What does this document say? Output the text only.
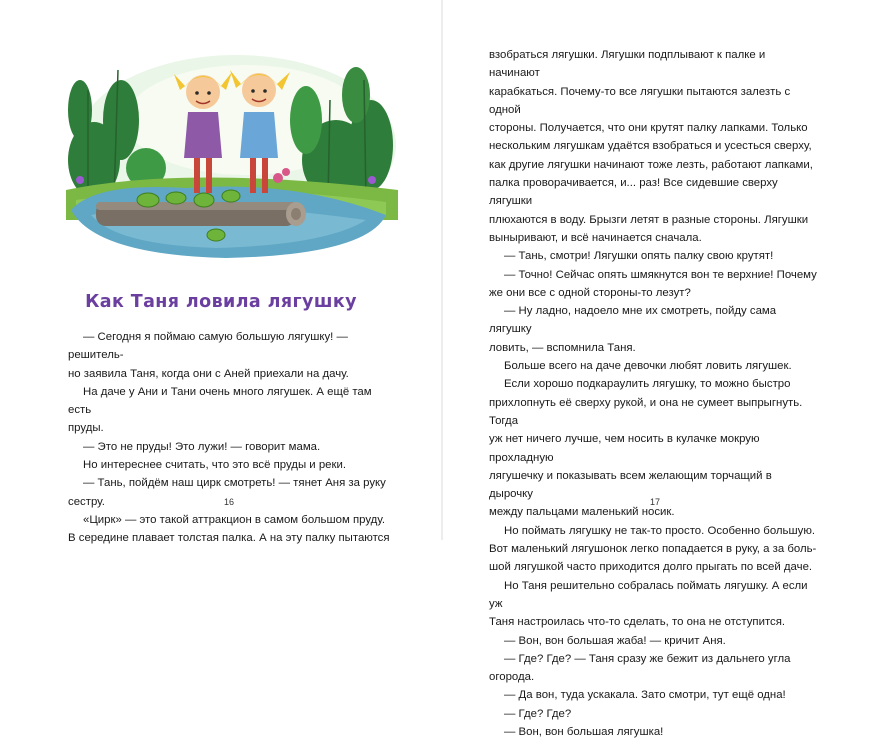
Как Таня ловила лягушку

— Сегодня я поймаю самую большую лягушку! — решитель-

но заявила Таня, когда они с Аней приехали на дачу.

На даче у Ани и Тани очень много лягушек. А ещё там есть

пруды.

— Это не пруды! Это лужи! — говорит мама.

Но интереснее считать, что это всё пруды и реки.

— Тань, пойдём наш цирк смотреть! — тянет Аня за руку

сестру.

«Цирк» — это такой аттракцион в самом большом пруду.

В середине плавает толстая палка. А на эту палку пытаются

16

взобраться лягушки. Лягушки подплывают к палке и начинают

карабкаться. Почему-то все лягушки пытаются залезть с одной

стороны. Получается, что они крутят палку лапками. Только

нескольким лягушкам удаётся взобраться и усесться сверху,

как другие лягушки начинают тоже лезть, работают лапками,

палка проворачивается, и... раз! Все сидевшие сверху лягушки

плюхаются в воду. Брызги летят в разные стороны. Лягушки

выныривают, и всё начинается сначала.

— Тань, смотри! Лягушки опять палку свою крутят!

— Точно! Сейчас опять шмякнутся вон те верхние! Почему

же они все с одной стороны-то лезут?

— Ну ладно, надоело мне их смотреть, пойду сама лягушку

ловить, — вспомнила Таня.

Больше всего на даче девочки любят ловить лягушек.

Если хорошо подкараулить лягушку, то можно быстро

прихлопнуть её сверху рукой, и она не сумеет выпрыгнуть. Тогда

уж нет ничего лучше, чем носить в кулачке мокрую прохладную

лягушечку и показывать всем желающим торчащий в дырочку

между пальцами маленький носик.

Но поймать лягушку не так-то просто. Особенно большую.

Вот маленький лягушонок легко попадается в руку, а за боль-

шой лягушкой часто приходится долго прыгать по всей даче.

Но Таня решительно собралась поймать лягушку. А если уж

Таня настроилась что-то сделать, то она не отступится.

— Вон, вон большая жаба! — кричит Аня.

— Где? Где? — Таня сразу же бежит из дальнего угла

огорода.

— Да вон, туда ускакала. Зато смотри, тут ещё одна!

— Где? Где?

— Вон, вон большая лягушка!

17
